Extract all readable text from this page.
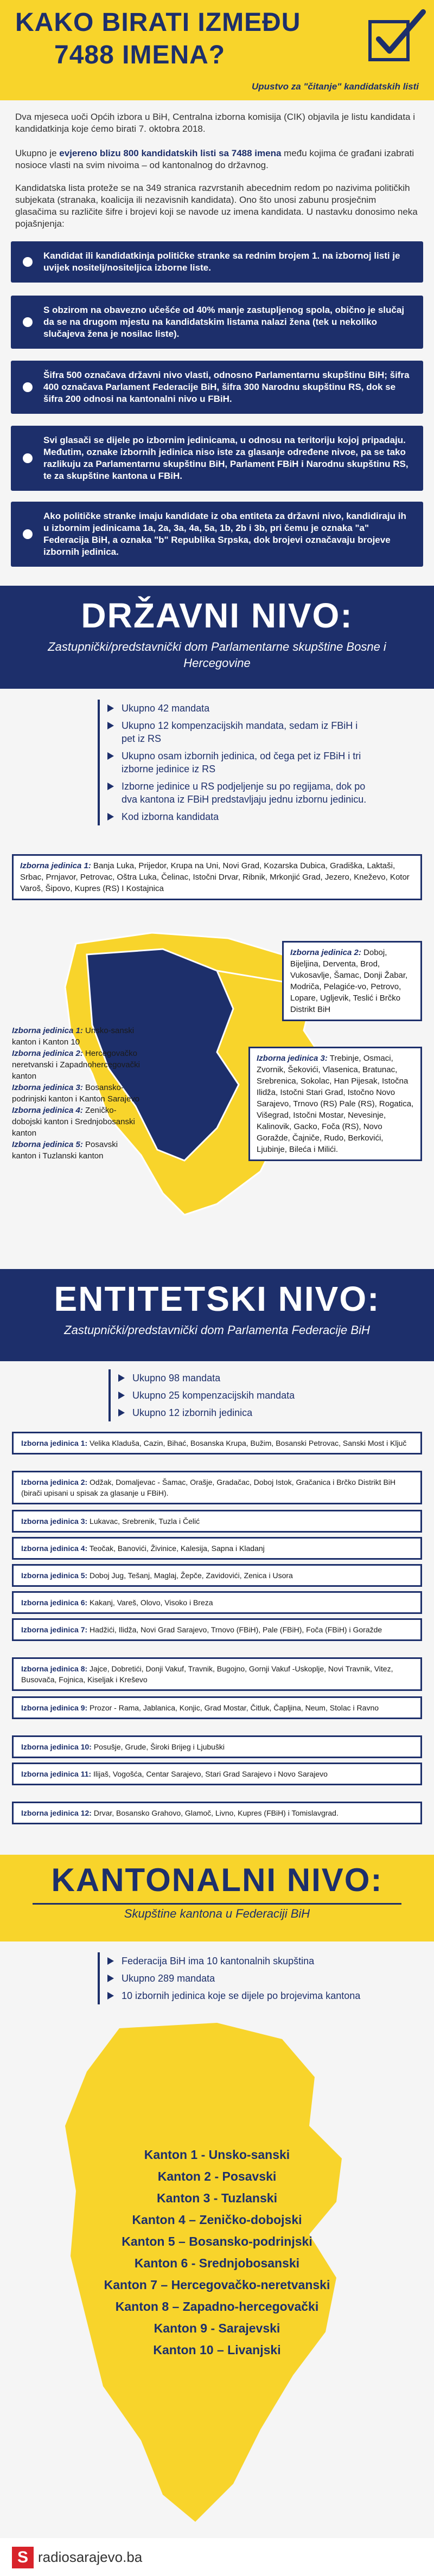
KAKO BIRATI IZMEĐU
7488 IMENA?
Upustvo za "čitanje" kandidatskih listi
Dva mjeseca uoči Općih izbora u BiH, Centralna izborna komisija (CIK) objavila je listu kandidata i kandidatkinja koje ćemo birati 7. oktobra 2018.
Ukupno je evjereno blizu 800 kandidatskih listi sa 7488 imena među kojima će građani izabrati nosioce vlasti na svim nivoima – od kantonalnog do državnog.
Kandidatska lista proteže se na 349 stranica razvrstanih abecednim redom po nazivima političkih subjekata (stranaka, koalicija ili nezavisnih kandidata). Ono što unosi zabunu prosječnim glasačima su različite šifre i brojevi koji se navode uz imena kandidata. U nastavku donosimo neka pojašnjenja:
Kandidat ili kandidatkinja političke stranke sa rednim brojem 1. na izbornoj listi je uvijek nositelj/nositeljica izborne liste.
S obzirom na obavezno učešće od 40% manje zastupljenog spola, obično je slučaj da se na drugom mjestu na kandidatskim listama nalazi žena (tek u nekoliko slučajeva žena je nosilac liste).
Šifra 500 označava državni nivo vlasti, odnosno Parlamentarnu skupštinu BiH; šifra 400 označava Parlament Federacije BiH, šifra 300 Narodnu skupštinu RS, dok se šifra 200 odnosi na kantonalni nivo u FBiH.
Svi glasači se dijele po izbornim jedinicama, u odnosu na teritoriju kojoj pripadaju. Međutim, oznake izbornih jedinica niso iste za glasanje određene nivoe, pa se tako razlikuju za Parlamentarnu skupštinu BiH, Parlament FBiH i Narodnu skupštinu RS, te za skupštine kantona u FBiH.
Ako političke stranke imaju kandidate iz oba entiteta za državni nivo, kandidiraju ih u izbornim jedinicama 1a, 2a, 3a, 4a, 5a, 1b, 2b i 3b, pri čemu je oznaka "a" Federacija BiH, a oznaka "b" Republika Srpska, dok brojevi označavaju brojeve izbornih jedinica.
DRŽAVNI NIVO:
Zastupnički/predstavnički dom Parlamentarne skupštine Bosne i Hercegovine
Ukupno 42 mandata
Ukupno 12 kompenzacijskih mandata, sedam iz FBiH i pet iz RS
Ukupno osam izbornih jedinica, od čega pet iz FBiH i tri izborne jedinice iz RS
Izborne jedinice u RS podjeljenje su po regijama, dok po dva kantona iz FBiH predstavljaju jednu izbornu jedinicu.
Kod izborna kandidata
Izborna jedinica 1: Banja Luka, Prijedor, Krupa na Uni, Novi Grad, Kozarska Dubica, Gradiška, Laktaši, Srbac, Prnjavor, Petrovac, Oštra Luka, Čelinac, Istočni Drvar, Ribnik, Mrkonjić Grad, Jezero, Kneževo, Kotor Varoš, Šipovo, Kupres (RS) I Kostajnica
Izborna jedinica 2: Doboj, Bijeljina, Derventa, Brod, Vukosavlje, Šamac, Donji Žabar, Modriča, Pelagiće-vo, Petrovo, Lopare, Ugljevik, Teslić i Brčko Distrikt BiH
Izborna jedinica 3: Trebinje, Osmaci, Zvornik, Šekovići, Vlasenica, Bratunac, Srebrenica, Sokolac, Han Pijesak, Istočna Ilidža, Istočni Stari Grad, Istočno Novo Sarajevo, Trnovo (RS) Pale (RS), Rogatica, Višegrad, Istočni Mostar, Nevesinje, Kalinovik, Gacko, Foča (RS), Novo Goražde, Čajniče, Rudo, Berkovići, Ljubinje, Bileća i Milići.
Izborna jedinica 1: Unsko-sanski kanton i Kanton 10
Izborna jedinica 2: Hercegovačko neretvanski i Zapadnohercegovački kanton
Izborna jedinica 3: Bosansko-podrinjski kanton i Kanton Sarajevo
Izborna jedinica 4: Zeničko-dobojski kanton i Srednjobosanski kanton
Izborna jedinica 5: Posavski kanton i Tuzlanski kanton
ENTITETSKI NIVO:
Zastupnički/predstavnički dom Parlamenta Federacije BiH
Ukupno 98 mandata
Ukupno 25 kompenzacijskih mandata
Ukupno 12 izbornih jedinica
Izborna jedinica 1: Velika Kladuša, Cazin, Bihać, Bosanska Krupa, Bužim, Bosanski Petrovac, Sanski Most i Ključ
Izborna jedinica 2: Odžak, Domaljevac - Šamac, Orašje, Gradačac, Doboj Istok, Gračanica i Brčko Distrikt BiH (birači upisani u spisak za glasanje u FBiH).
Izborna jedinica 3: Lukavac, Srebrenik, Tuzla i Čelić
Izborna jedinica 4: Teočak, Banovići, Živinice, Kalesija, Sapna i Kladanj
Izborna jedinica 5: Doboj Jug, Tešanj, Maglaj, Žepče, Zavidovići, Zenica i Usora
Izborna jedinica 6: Kakanj, Vareš, Olovo, Visoko i Breza
Izborna jedinica 7: Hadžići, Ilidža, Novi Grad Sarajevo, Trnovo (FBiH), Pale (FBiH), Foča (FBiH) i Goražde
Izborna jedinica 8: Jajce, Dobretići, Donji Vakuf, Travnik, Bugojno, Gornji Vakuf -Uskoplje, Novi Travnik, Vitez, Busovača, Fojnica, Kiseljak i Kreševo
Izborna jedinica 9: Prozor - Rama, Jablanica, Konjic, Grad Mostar, Čitluk, Čapljina, Neum, Stolac i Ravno
Izborna jedinica 10: Posušje, Grude, Široki Brijeg i Ljubuški
Izborna jedinica 11: Ilijaš, Vogošća, Centar Sarajevo, Stari Grad Sarajevo i Novo Sarajevo
Izborna jedinica 12: Drvar, Bosansko Grahovo, Glamoč, Livno, Kupres (FBiH) i Tomislavgrad.
KANTONALNI NIVO:
Skupštine kantona u Federaciji BiH
Federacija BiH ima 10 kantonalnih skupština
Ukupno 289 mandata
10 izbornih jedinica koje se dijele po brojevima kantona
Kanton 1 - Unsko-sanski
Kanton 2 - Posavski
Kanton 3 - Tuzlanski
Kanton 4 – Zeničko-dobojski
Kanton 5 – Bosansko-podrinjski
Kanton 6 - Srednjobosanski
Kanton 7 – Hercegovačko-neretvanski
Kanton 8 – Zapadno-hercegovački
Kanton 9 - Sarajevski
Kanton 10 – Livanjski
S radiosarajevo.ba
